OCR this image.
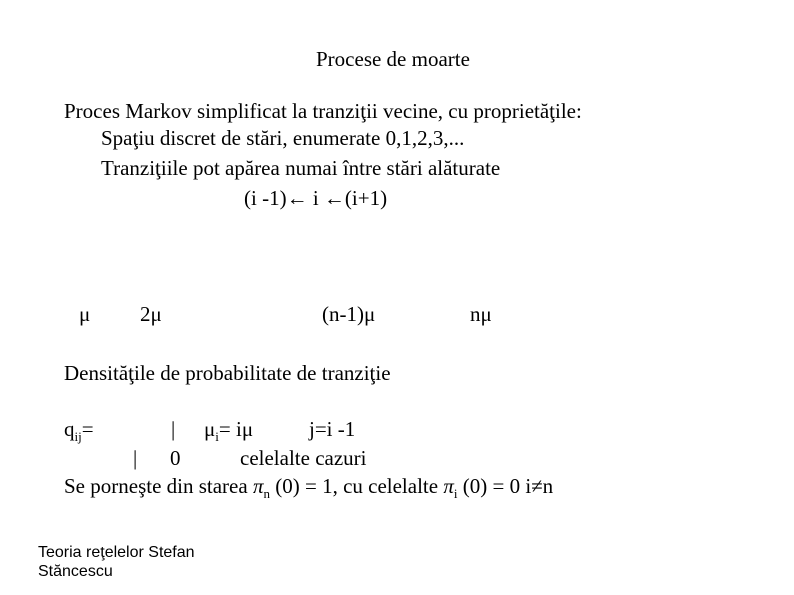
Procese de moarte
Proces Markov simplificat la tranziţii vecine, cu proprietăţile:
Spaţiu discret de stări, enumerate 0,1,2,3,...
Tranziţiile pot apărea numai între stări alăturate
(i -1)← i ←(i+1)
μ 2μ	(n-1)μ	nμ
Densităţile de probabilitate de tranziţie
$q_{ij}=$	| $\mu_i= i\mu$	j=i -1
| 0	celelalte cazuri
Se porneşte din starea $\pi_n$ (0) = 1, cu celelalte $\pi_i$ (0) = 0 i≠n
Teoria reţelelor Stefan
Stăncescu
